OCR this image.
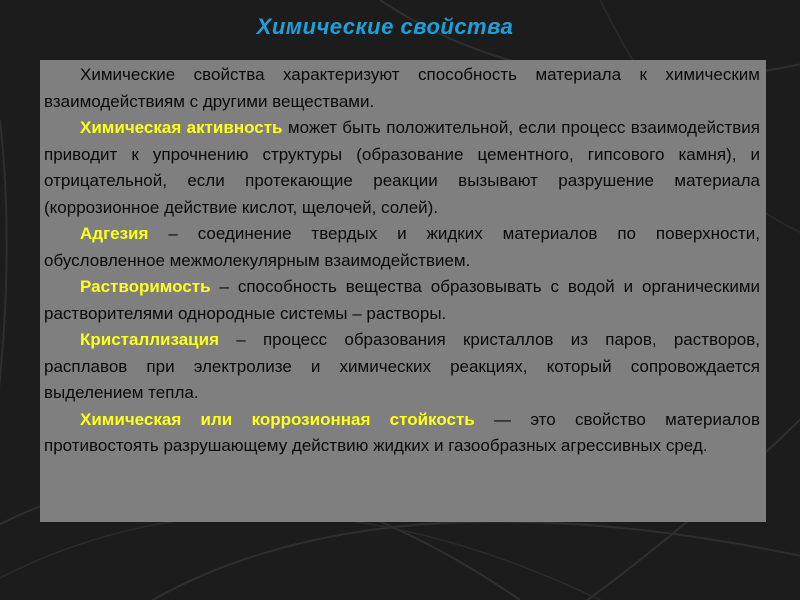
Химические свойства

Химические свойства характеризуют способность материала к химическим взаимодействиям с другими веществами.

Химическая активность может быть положительной, если процесс взаимодействия приводит к упрочнению структуры (образование цементного, гипсового камня), и отрицательной, если протекающие реакции вызывают разрушение материала (коррозионное действие кислот, щелочей, солей).

Адгезия – соединение твердых и жидких материалов по поверхности, обусловленное межмолекулярным взаимодействием.

Растворимость – способность вещества образовывать с водой и органическими растворителями однородные системы – растворы.

Кристаллизация – процесс образования кристаллов из паров, растворов, расплавов при электролизе и химических реакциях, который сопровождается выделением тепла.

Химическая или коррозионная стойкость — это свойство материалов противостоять разрушающему действию жидких и газообразных агрессивных сред.
